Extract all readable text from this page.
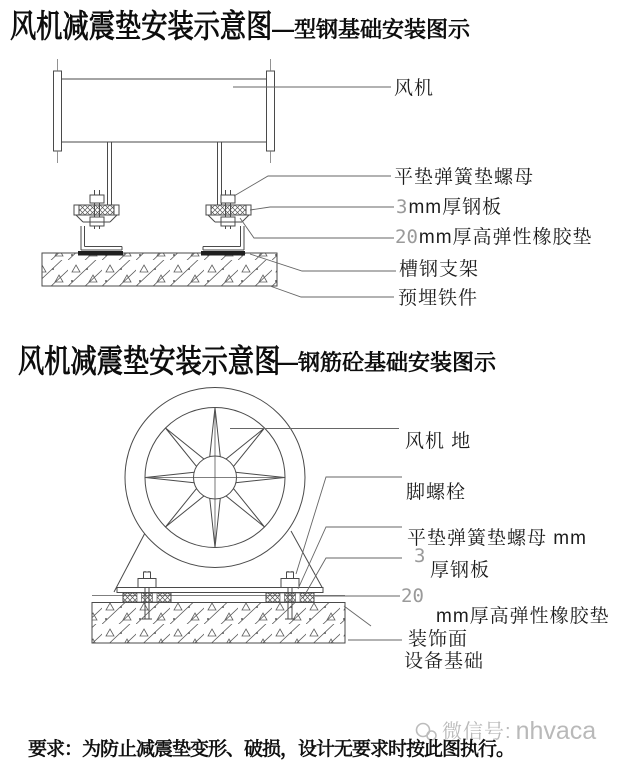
风机减震垫安装示意图 —型钢基础安装图示
风机减震垫安装示意图
—钢筋砼基础安装图示
风机
平垫弹簧垫螺母
3 mm厚钢板
20 mm厚高弹性橡胶垫
槽钢支架
预埋铁件
风机 地
脚螺栓
平垫弹簧垫螺母 mm
3
厚钢板
20
mm厚高弹性橡胶垫
装饰面
设备基础
微信号: nhvaca
要求：为防止减震垫变形、破损，设计无要求时按此图执行。
